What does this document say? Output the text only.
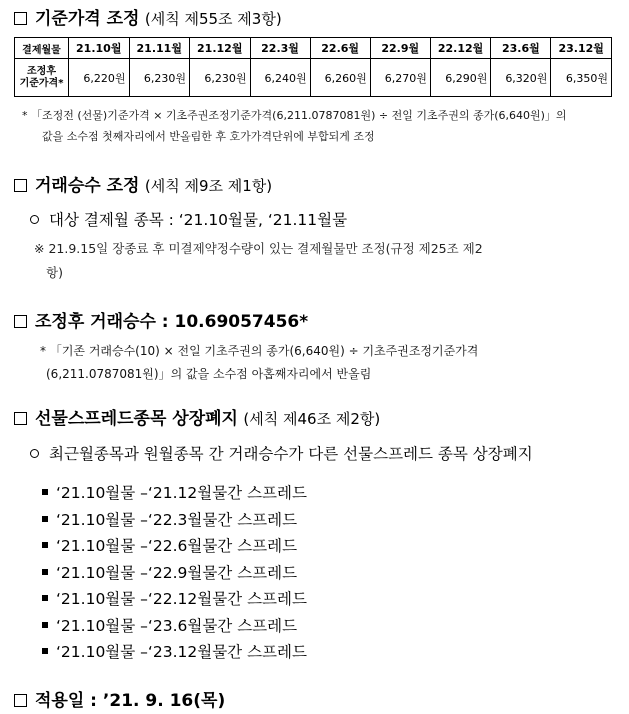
기준가격 조정 (세칙 제55조 제3항)
결제월물	21.10월	21.11월	21.12월	22.3월	22.6월	22.9월	22.12월	23.6월	23.12월
조정후
기준가격*	6,220원	6,230원	6,230원	6,240원	6,260원	6,270원	6,290원	6,320원	6,350원
* 「조정전 (선물)기준가격 × 기초주권조정기준가격(6,211.0787081원) ÷ 전일 기초주권의 종가(6,640원)」의
값을 소수점 첫째자리에서 반올림한 후 호가가격단위에 부합되게 조정
거래승수 조정 (세칙 제9조 제1항)
대상 결제월 종목 : ‘21.10월물, ‘21.11월물
※ 21.9.15일 장종료 후 미결제약정수량이 있는 결제월물만 조정(규정 제25조 제2
항)
조정후 거래승수 : 10.69057456*
* 「기존 거래승수(10) × 전일 기초주권의 종가(6,640원) ÷ 기초주권조정기준가격
(6,211.0787081원)」의 값을 소수점 아홉째자리에서 반올림
선물스프레드종목 상장폐지 (세칙 제46조 제2항)
최근월종목과 원월종목 간 거래승수가 다른 선물스프레드 종목 상장폐지
‘21.10월물 –‘21.12월물간 스프레드
‘21.10월물 –‘22.3월물간 스프레드
‘21.10월물 –‘22.6월물간 스프레드
‘21.10월물 –‘22.9월물간 스프레드
‘21.10월물 –‘22.12월물간 스프레드
‘21.10월물 –‘23.6월물간 스프레드
‘21.10월물 –‘23.12월물간 스프레드
적용일 : ’21. 9. 16(목)
